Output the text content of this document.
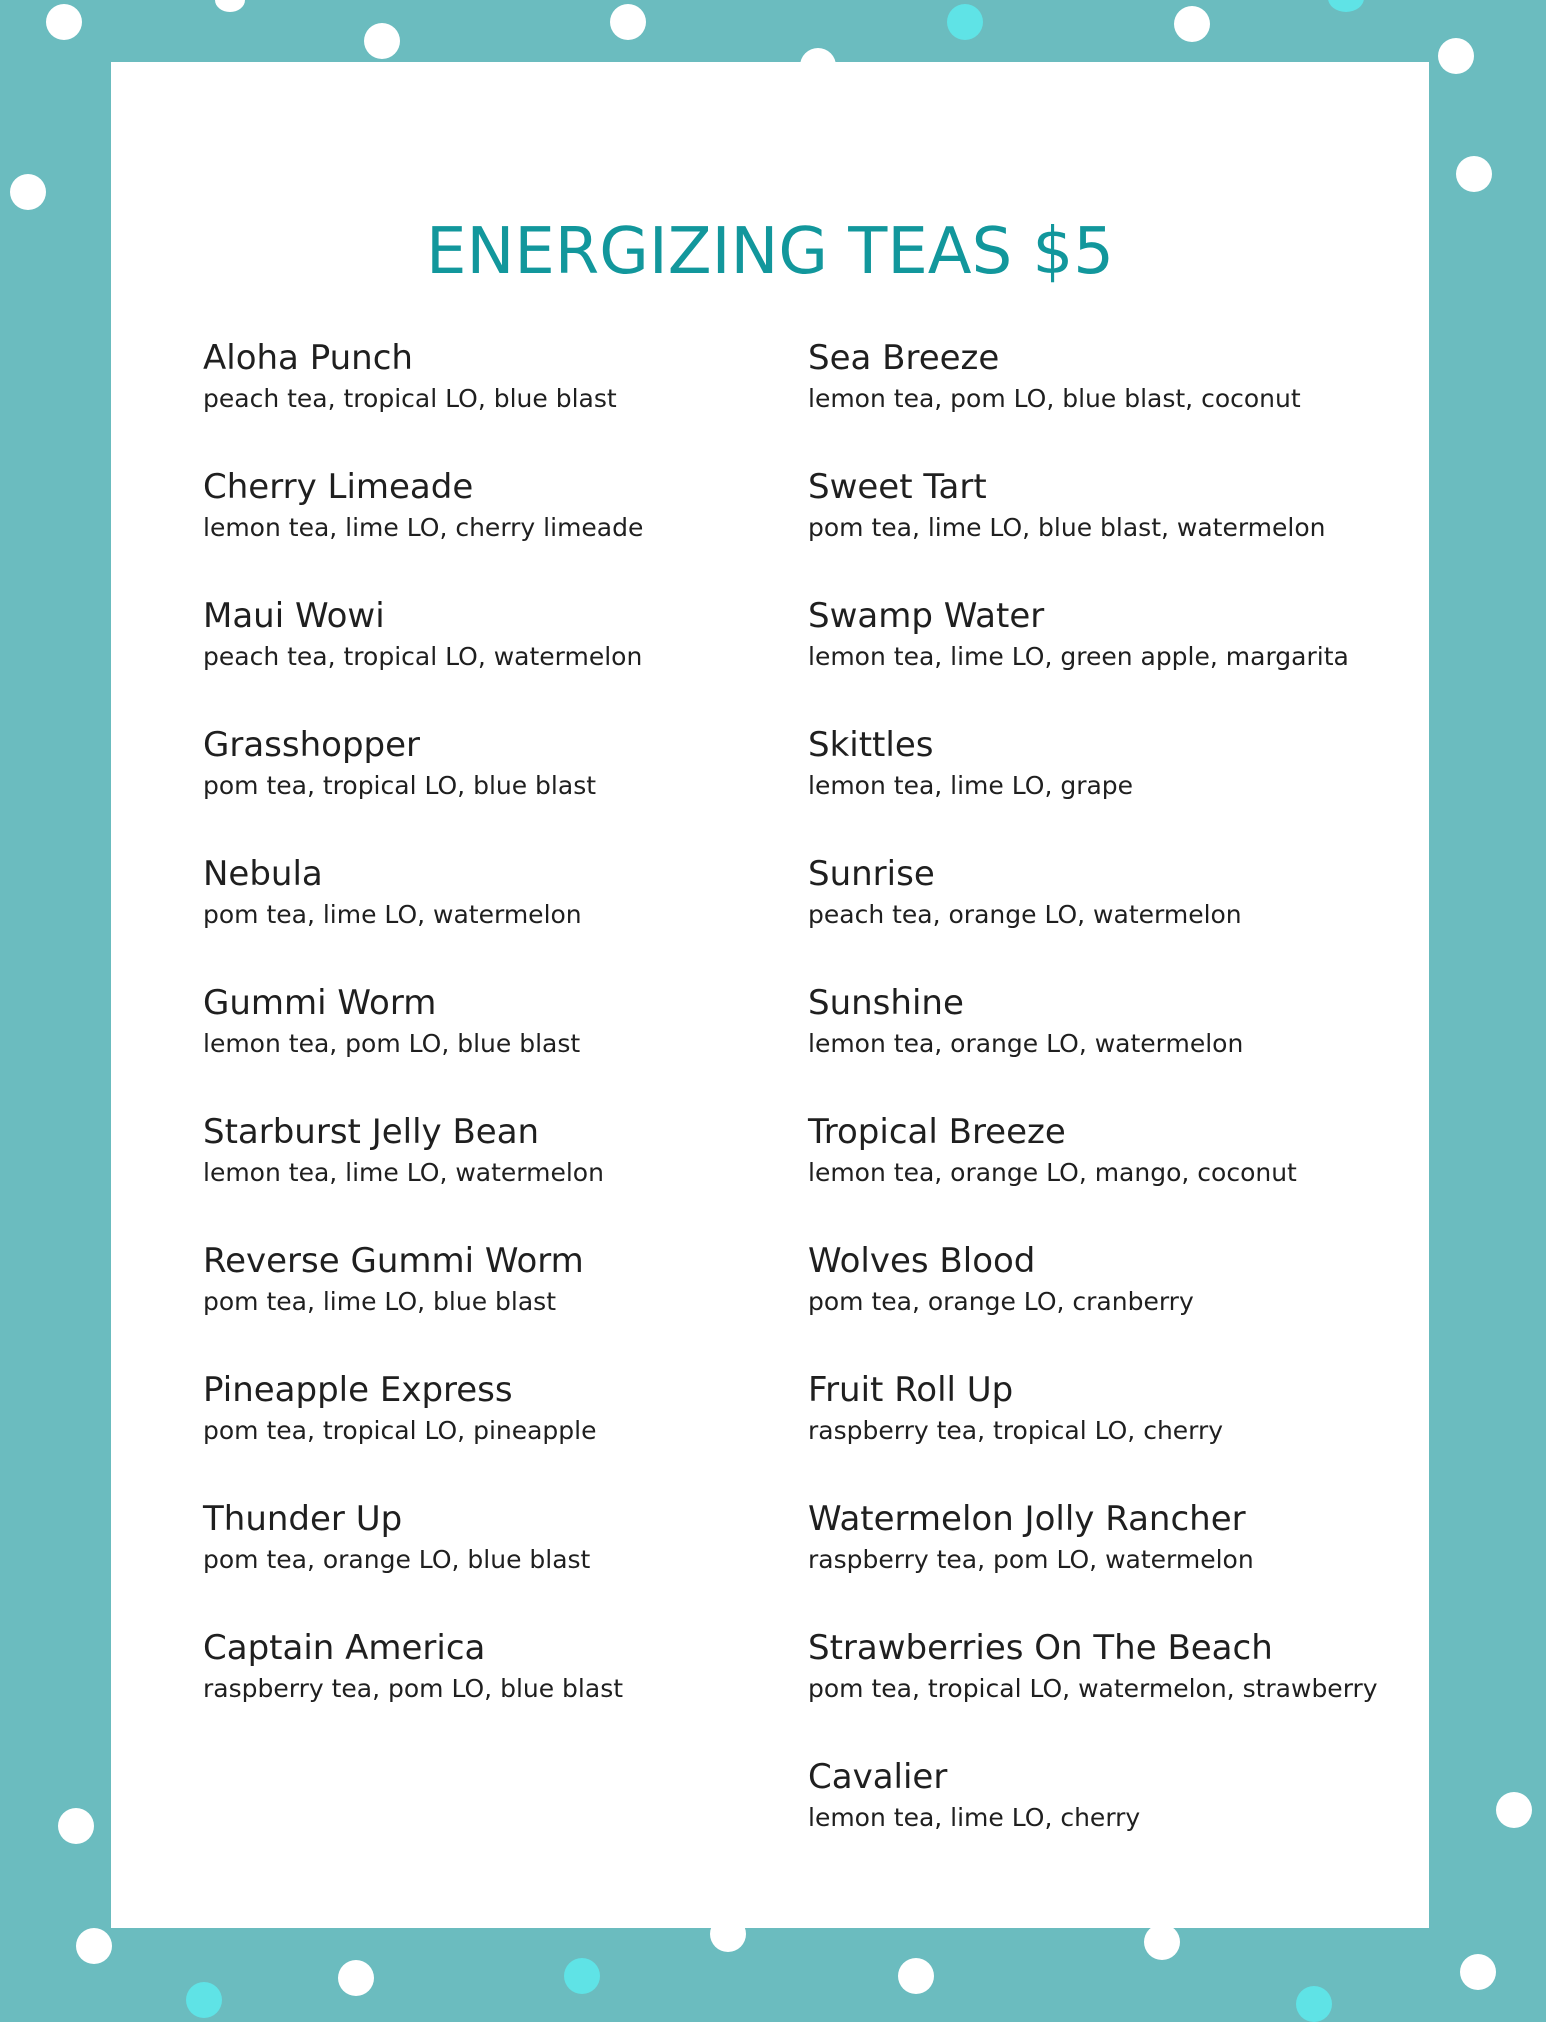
ENERGIZING TEAS $5
Aloha Punch
peach tea, tropical LO, blue blast
Cherry Limeade
lemon tea, lime LO, cherry limeade
Maui Wowi
peach tea, tropical LO, watermelon
Grasshopper
pom tea, tropical LO, blue blast
Nebula
pom tea, lime LO, watermelon
Gummi Worm
lemon tea, pom LO, blue blast
Starburst Jelly Bean
lemon tea, lime LO, watermelon
Reverse Gummi Worm
pom tea, lime LO, blue blast
Pineapple Express
pom tea, tropical LO, pineapple
Thunder Up
pom tea, orange LO, blue blast
Captain America
raspberry tea, pom LO, blue blast
Sea Breeze
lemon tea, pom LO, blue blast, coconut
Sweet Tart
pom tea, lime LO, blue blast, watermelon
Swamp Water
lemon tea, lime LO, green apple, margarita
Skittles
lemon tea, lime LO, grape
Sunrise
peach tea, orange LO, watermelon
Sunshine
lemon tea, orange LO, watermelon
Tropical Breeze
lemon tea, orange LO, mango, coconut
Wolves Blood
pom tea, orange LO, cranberry
Fruit Roll Up
raspberry tea, tropical LO, cherry
Watermelon Jolly Rancher
raspberry tea, pom LO, watermelon
Strawberries On The Beach
pom tea, tropical LO, watermelon, strawberry
Cavalier
lemon tea, lime LO, cherry
